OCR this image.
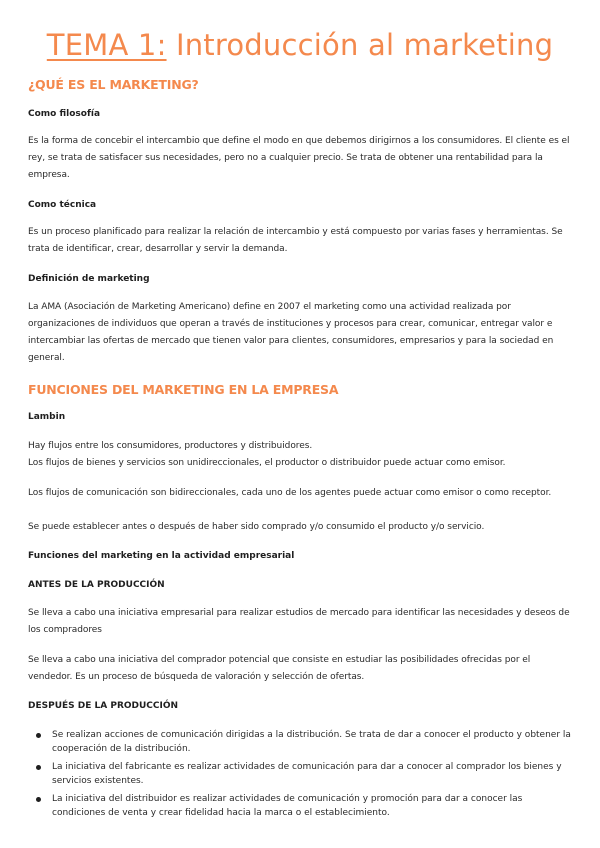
TEMA 1: Introducción al marketing
¿QUÉ ES EL MARKETING?
Como filosofía

Es la forma de concebir el intercambio que define el modo en que debemos dirigirnos a los consumidores. El cliente es el rey, se trata de satisfacer sus necesidades, pero no a cualquier precio. Se trata de obtener una rentabilidad para la empresa.

Como técnica

Es un proceso planificado para realizar la relación de intercambio y está compuesto por varias fases y herramientas. Se trata de identificar, crear, desarrollar y servir la demanda.

Definición de marketing

La AMA (Asociación de Marketing Americano) define en 2007 el marketing como una actividad realizada por organizaciones de individuos que operan a través de instituciones y procesos para crear, comunicar, entregar valor e intercambiar las ofertas de mercado que tienen valor para clientes, consumidores, empresarios y para la sociedad en general.

FUNCIONES DEL MARKETING EN LA EMPRESA
Lambin

Hay flujos entre los consumidores, productores y distribuidores.

Los flujos de bienes y servicios son unidireccionales, el productor o distribuidor puede actuar como emisor.

Los flujos de comunicación son bidireccionales, cada uno de los agentes puede actuar como emisor o como receptor.

Se puede establecer antes o después de haber sido comprado y/o consumido el producto y/o servicio.

Funciones del marketing en la actividad empresarial
ANTES DE LA PRODUCCIÓN

Se lleva a cabo una iniciativa empresarial para realizar estudios de mercado para identificar las necesidades y deseos de los compradores

Se lleva a cabo una iniciativa del comprador potencial que consiste en estudiar las posibilidades ofrecidas por el vendedor. Es un proceso de búsqueda de valoración y selección de ofertas.

DESPUÉS DE LA PRODUCCIÓN
Se realizan acciones de comunicación dirigidas a la distribución. Se trata de dar a conocer el producto y obtener la cooperación de la distribución.
La iniciativa del fabricante es realizar actividades de comunicación para dar a conocer al comprador los bienes y servicios existentes.
La iniciativa del distribuidor es realizar actividades de comunicación y promoción para dar a conocer las condiciones de venta y crear fidelidad hacia la marca o el establecimiento.
